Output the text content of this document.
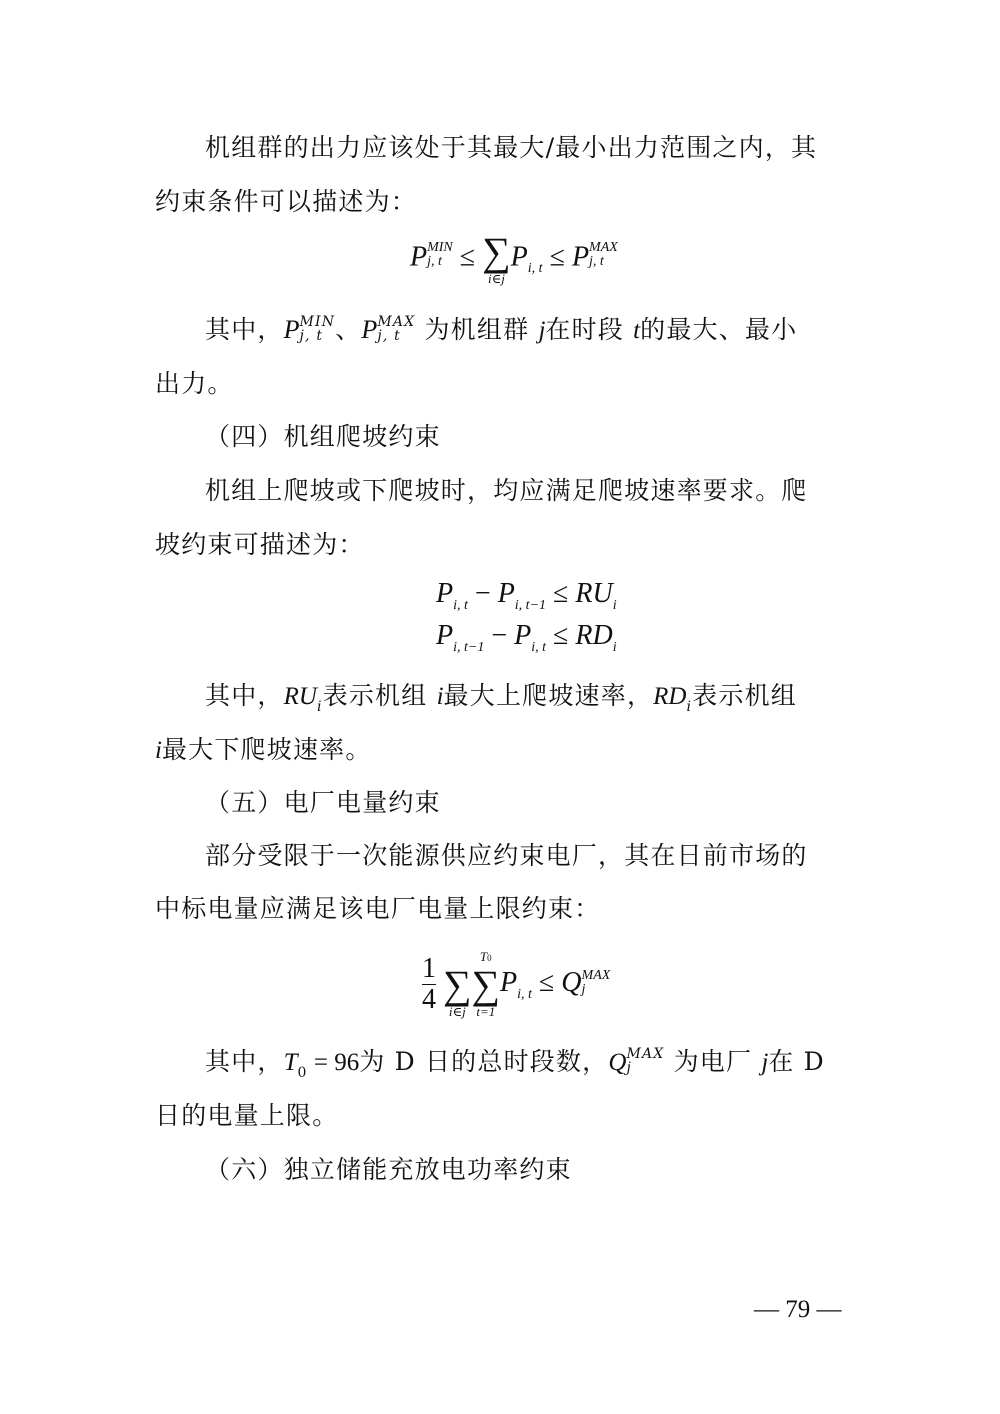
机组群的出力应该处于其最大/最小出力范围之内，其
约束条件可以描述为：
P MIN
j, t ≤ ∑
i∈j
$P_{i, t} \le P$ MAX
j, t
其中，P MIN
j, t 、P MAX
j, t 为机组群 j在时段 t的最大、最小
出力。
（四）机组爬坡约束
机组上爬坡或下爬坡时，均应满足爬坡速率要求。爬
坡约束可描述为：
$P_{i, t} - P_{i, t-1} \le RU_i$
$P_{i, t-1} - P_{i, t} \le RD_i$
其中，$RU_i$表示机组 i最大上爬坡速率，$RD_i$表示机组
i最大下爬坡速率。
（五）电厂电量约束
部分受限于一次能源供应约束电厂，其在日前市场的
中标电量应满足该电厂电量上限约束：
$\frac{1}{4}$

∑
i∈j
T0
∑
t=1
$P_{i, t} \le Q$ MAX
j
其中，$T_0 = 96$为 D 日的总时段数，Q MAX
j	为电厂 j在 D
日的电量上限。
（六）独立储能充放电功率约束
— 79 —
